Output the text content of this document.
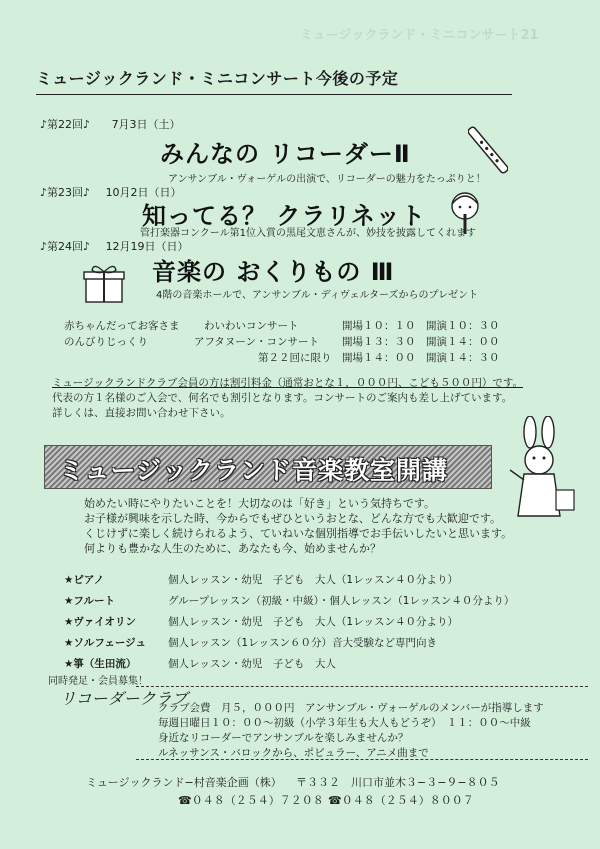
ミュージックランド・ミニコンサート21
ミュージックランド・ミニコンサート今後の予定
♪第22回♪ 7月3日（土）
みんなの リコーダーⅡ
アンサンブル・ヴォーゲルの出演で、リコーダーの魅力をたっぷりと！
♪第23回♪ 10月2日（日）
知ってる？ クラリネット
管打楽器コンクール第1位入賞の黒尾文恵さんが、妙技を披露してくれます
♪第24回♪ 12月19日（日）
音楽の おくりもの Ⅲ
4階の音楽ホールで、アンサンブル・ディヴェルターズからのプレゼント
赤ちゃんだってお客さま わいわいコンサート	開場１０：１０ 開演１０：３０
のんびりじっくり	アフタヌーン・コンサート 開場１３：３０ 開演１４：００
第２２回に限り 開場１４：００ 開演１４：３０
ミュージックランドクラブ会員の方は割引料金（通常おとな１，０００円、こども５００円）です。
代表の方１名様のご入会で、何名でも割引となります。コンサートのご案内も差し上げています。
詳しくは、直接お問い合わせ下さい。
ミュージックランド音楽教室開講
始めたい時にやりたいことを！大切なのは「好き」という気持ちです。
お子様が興味を示した時、今からでもぜひというおとな、どんな方でも大歓迎です。
くじけずに楽しく続けられるよう、ていねいな個別指導でお手伝いしたいと思います。
何よりも豊かな人生のために、あなたも今、始めませんか？
★ピアノ	個人レッスン・幼児　子ども　大人（1レッスン４０分より）
★フルート	グループレッスン（初級・中級）・個人レッスン（1レッスン４０分より）
★ヴァイオリン	個人レッスン・幼児　子ども　大人（1レッスン４０分より）
★ソルフェージュ 個人レッスン（1レッスン６０分）音大受験など専門向き
★箏（生田流）	個人レッスン・幼児　子ども　大人
同時発足・会員募集！
リコーダークラブ
クラブ会費　月５，０００円　アンサンブル・ヴォーゲルのメンバーが指導します
毎週日曜日１０：００〜初級（小学３年生も大人もどうぞ）　１１：００〜中級
身近なリコーダーでアンサンブルを楽しみませんか？
ルネッサンス・バロックから、ポピュラー、アニメ曲まで
ミュージックランド−村音楽企画（株） 〒３３２　川口市並木３−３−９−８０５
☎０４８（２５４）７２０８ ☎０４８（２５４）８００７
